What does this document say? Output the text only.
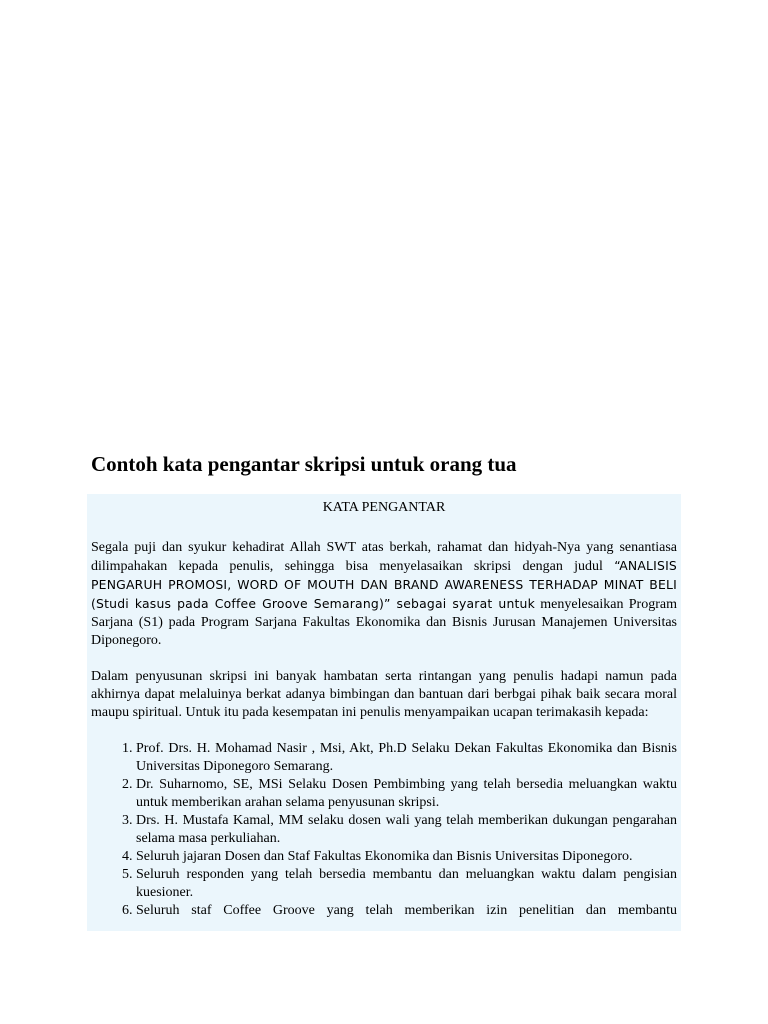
Contoh kata pengantar skripsi untuk orang tua

KATA PENGANTAR

Segala puji dan syukur kehadirat Allah SWT atas berkah, rahamat dan hidyah-Nya yang senantiasa dilimpahakan kepada penulis, sehingga bisa menyelasaikan skripsi dengan judul “ANALISIS PENGARUH PROMOSI, WORD OF MOUTH DAN BRAND AWARENESS TERHADAP MINAT BELI (Studi kasus pada Coffee Groove Semarang)” sebagai syarat untuk menyelesaikan Program Sarjana (S1) pada Program Sarjana Fakultas Ekonomika dan Bisnis Jurusan Manajemen Universitas Diponegoro.

Dalam penyusunan skripsi ini banyak hambatan serta rintangan yang penulis hadapi namun pada akhirnya dapat melaluinya berkat adanya bimbingan dan bantuan dari berbgai pihak baik secara moral maupu spiritual. Untuk itu pada kesempatan ini penulis menyampaikan ucapan terimakasih kepada:

1. Prof. Drs. H. Mohamad Nasir , Msi, Akt, Ph.D Selaku Dekan Fakultas Ekonomika dan Bisnis Universitas Diponegoro Semarang.
2. Dr. Suharnomo, SE, MSi Selaku Dosen Pembimbing yang telah bersedia meluangkan waktu untuk memberikan arahan selama penyusunan skripsi.
3. Drs. H. Mustafa Kamal, MM selaku dosen wali yang telah memberikan dukungan pengarahan selama masa perkuliahan.
4. Seluruh jajaran Dosen dan Staf Fakultas Ekonomika dan Bisnis Universitas Diponegoro.
5. Seluruh responden yang telah bersedia membantu dan meluangkan waktu dalam pengisian kuesioner.
6. Seluruh staf Coffee Groove yang telah memberikan izin penelitian dan membantu
